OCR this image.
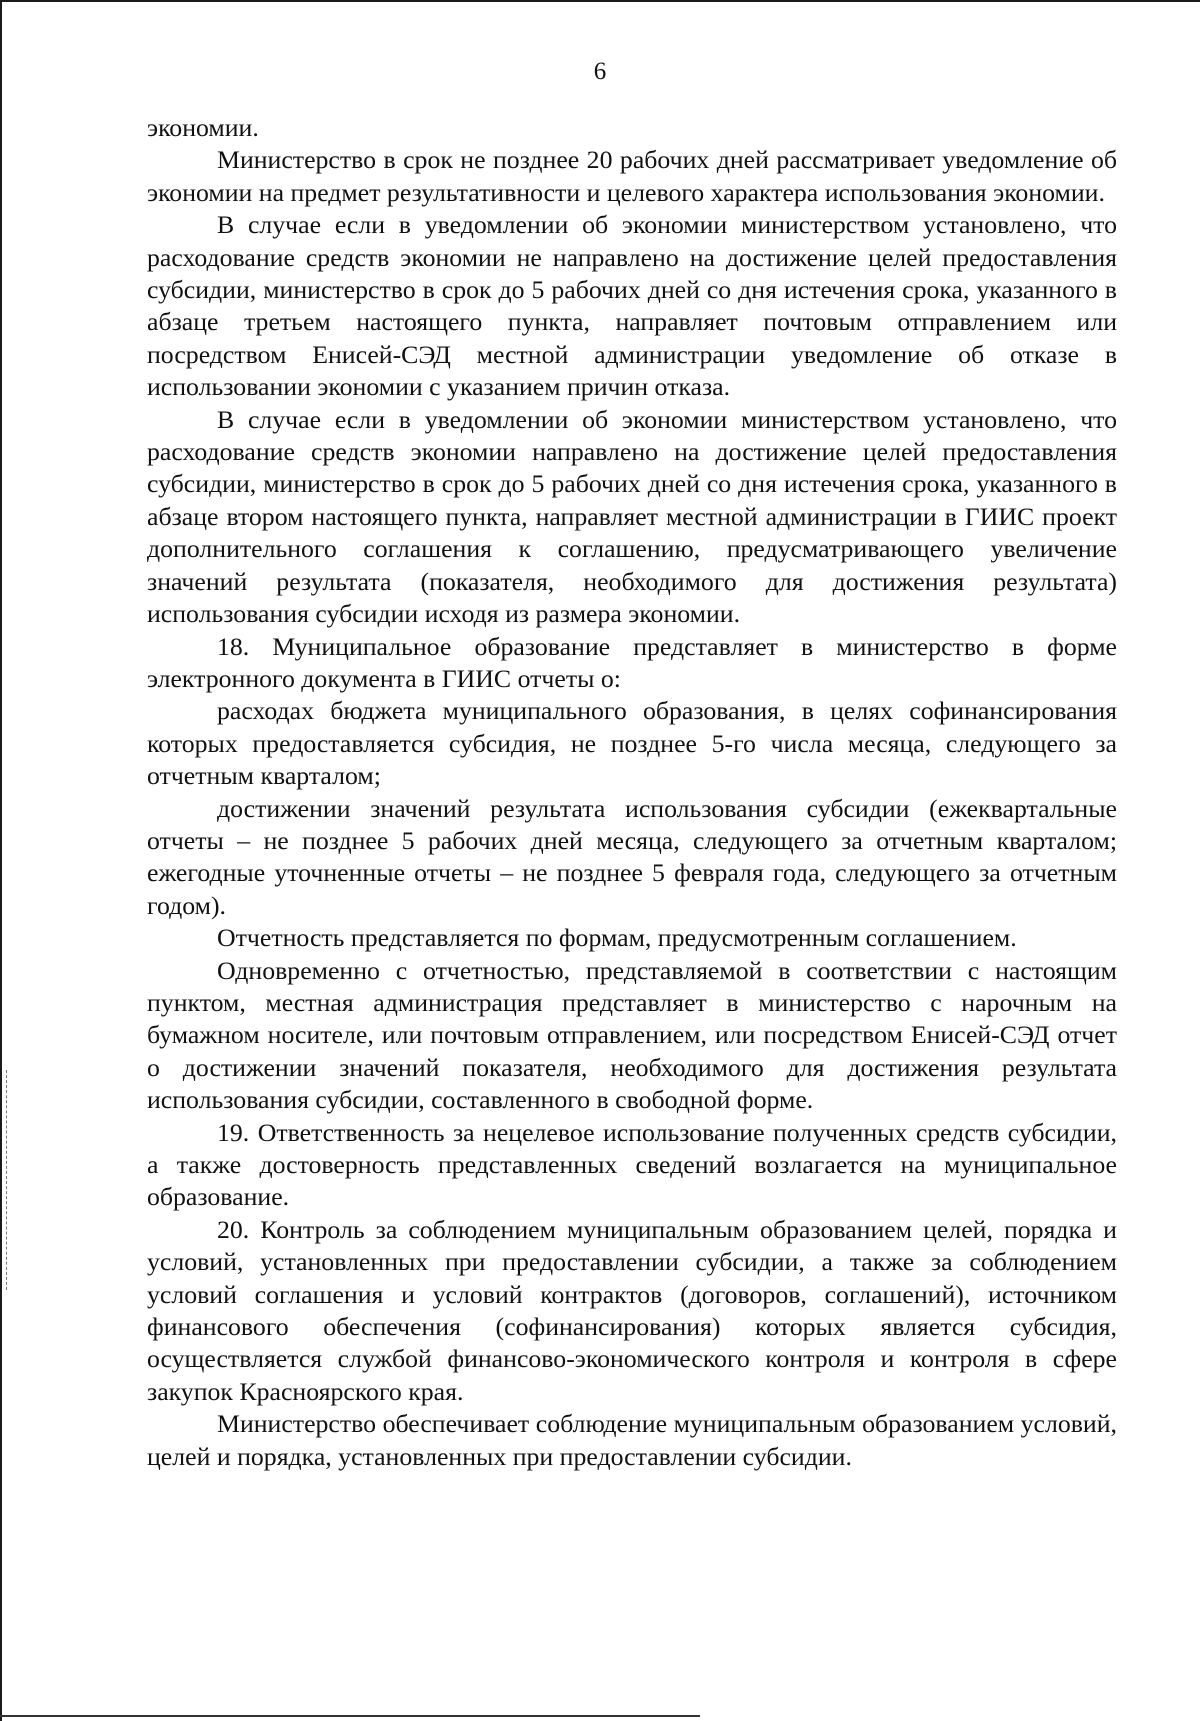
6

экономии.

Министерство в срок не позднее 20 рабочих дней рассматривает уведомление об экономии на предмет результативности и целевого характера использования экономии.

В случае если в уведомлении об экономии министерством установлено, что расходование средств экономии не направлено на достижение целей предоставления субсидии, министерство в срок до 5 рабочих дней со дня истечения срока, указанного в абзаце третьем настоящего пункта, направляет почтовым отправлением или посредством Енисей-СЭД местной администрации уведомление об отказе в использовании экономии с указанием причин отказа.

В случае если в уведомлении об экономии министерством установлено, что расходование средств экономии направлено на достижение целей предоставления субсидии, министерство в срок до 5 рабочих дней со дня истечения срока, указанного в абзаце втором настоящего пункта, направляет местной администрации в ГИИС проект дополнительного соглашения к соглашению, предусматривающего увеличение значений результата (показателя, необходимого для достижения результата) использования субсидии исходя из размера экономии.

18. Муниципальное образование представляет в министерство в форме электронного документа в ГИИС отчеты о:

расходах бюджета муниципального образования, в целях софинансирования которых предоставляется субсидия, не позднее 5-го числа месяца, следующего за отчетным кварталом;

достижении значений результата использования субсидии (ежеквартальные отчеты – не позднее 5 рабочих дней месяца, следующего за отчетным кварталом; ежегодные уточненные отчеты – не позднее 5 февраля года, следующего за отчетным годом).

Отчетность представляется по формам, предусмотренным соглашением.

Одновременно с отчетностью, представляемой в соответствии с настоящим пунктом, местная администрация представляет в министерство с нарочным на бумажном носителе, или почтовым отправлением, или посредством Енисей-СЭД отчет о достижении значений показателя, необходимого для достижения результата использования субсидии, составленного в свободной форме.

19. Ответственность за нецелевое использование полученных средств субсидии, а также достоверность представленных сведений возлагается на муниципальное образование.

20. Контроль за соблюдением муниципальным образованием целей, порядка и условий, установленных при предоставлении субсидии, а также за соблюдением условий соглашения и условий контрактов (договоров, соглашений), источником финансового обеспечения (софинансирования) которых является субсидия, осуществляется службой финансово-экономического контроля и контроля в сфере закупок Красноярского края.

Министерство обеспечивает соблюдение муниципальным образованием условий, целей и порядка, установленных при предоставлении субсидии.
